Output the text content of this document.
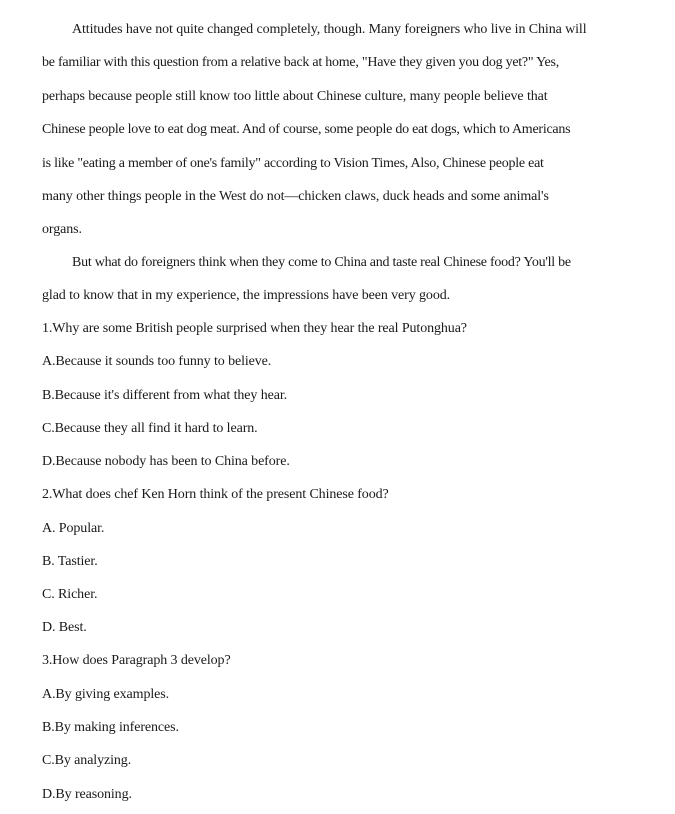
Attitudes have not quite changed completely, though. Many foreigners who live in China will
be familiar with this question from a relative back at home, "Have they given you dog yet?" Yes,
perhaps because people still know too little about Chinese culture, many people believe that
Chinese people love to eat dog meat. And of course, some people do eat dogs, which to Americans
is like "eating a member of one's family" according to Vision Times, Also, Chinese people eat
many other things people in the West do not—chicken claws, duck heads and some animal's
organs.
But what do foreigners think when they come to China and taste real Chinese food? You'll be
glad to know that in my experience, the impressions have been very good.
1.Why are some British people surprised when they hear the real Putonghua?
A.Because it sounds too funny to believe.
B.Because it's different from what they hear.
C.Because they all find it hard to learn.
D.Because nobody has been to China before.
2.What does chef Ken Horn think of the present Chinese food?
A. Popular.
B. Tastier.
C. Richer.
D. Best.
3.How does Paragraph 3 develop?
A.By giving examples.
B.By making inferences.
C.By analyzing.
D.By reasoning.
